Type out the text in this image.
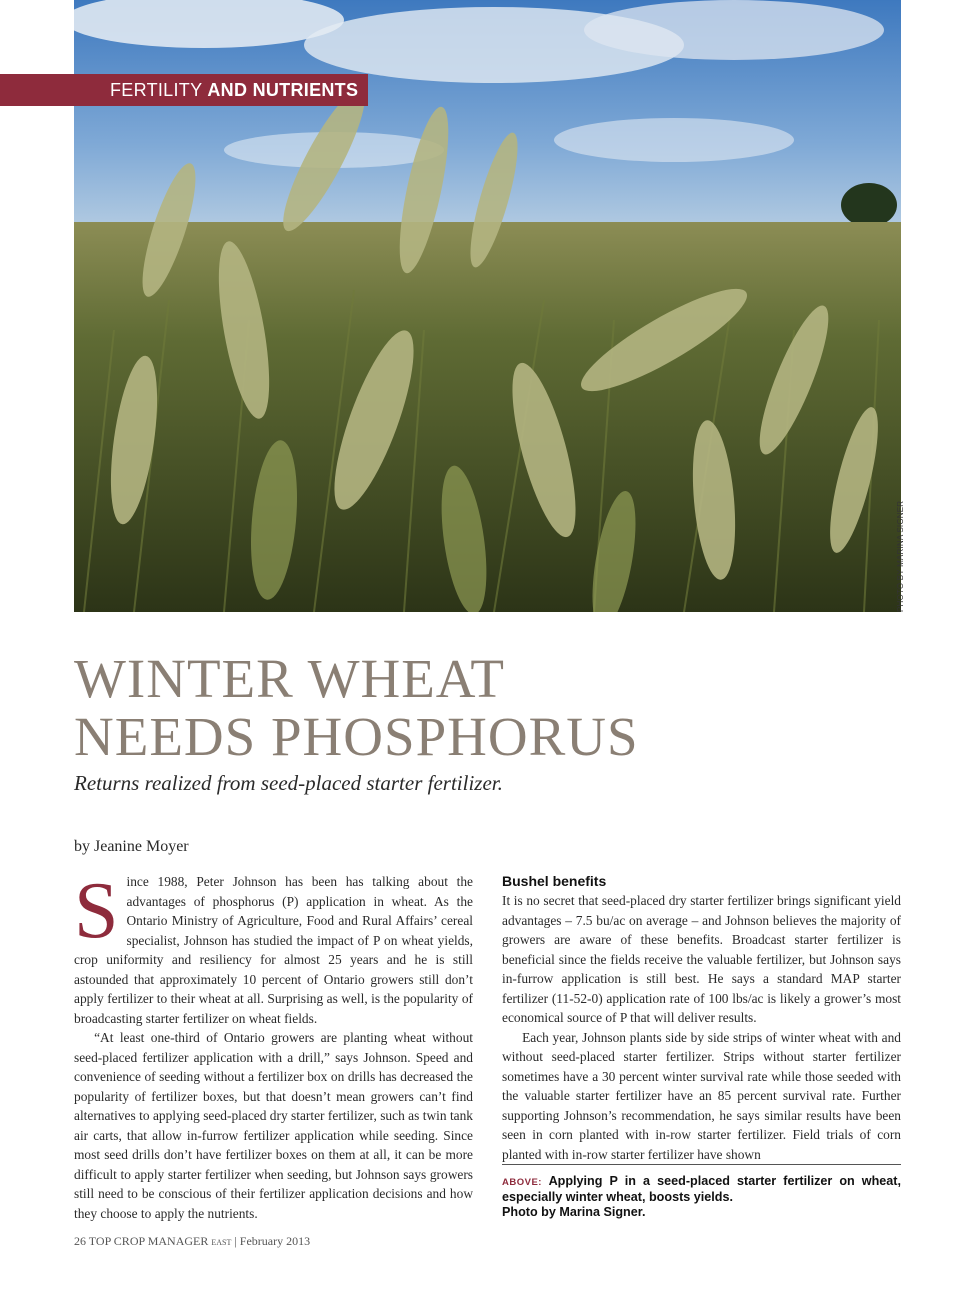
FERTILITY AND NUTRIENTS
PHOTO BY MARINA SIGNER
WINTER WHEAT
NEEDS PHOSPHORUS

Returns realized from seed-placed starter fertilizer.

by Jeanine Moyer

Since 1988, Peter Johnson has been has talking about the advantages of phosphorus (P) application in wheat. As the Ontario Ministry of Agriculture, Food and Rural Affairs’ cereal specialist, Johnson has studied the impact of P on wheat yields, crop uniformity and resiliency for almost 25 years and he is still astounded that approximately 10 percent of Ontario growers still don’t apply fertilizer to their wheat at all. Surprising as well, is the popularity of broadcasting starter fertilizer on wheat fields.

“At least one-third of Ontario growers are planting wheat without seed-placed fertilizer application with a drill,” says Johnson. Speed and convenience of seeding without a fertilizer box on drills has decreased the popularity of fertilizer boxes, but that doesn’t mean growers can’t find alternatives to applying seed-placed dry starter fertilizer, such as twin tank air carts, that allow in-furrow fertilizer application while seeding. Since most seed drills don’t have fertilizer boxes on them at all, it can be more difficult to apply starter fertilizer when seeding, but Johnson says growers still need to be conscious of their fertilizer application decisions and how they choose to apply the nutrients.

Bushel benefits

It is no secret that seed-placed dry starter fertilizer brings significant yield advantages – 7.5 bu/ac on average – and Johnson believes the majority of growers are aware of these benefits. Broadcast starter fertilizer is beneficial since the fields receive the valuable fertilizer, but Johnson says in-furrow application is still best. He says a standard MAP starter fertilizer (11-52-0) application rate of 100 lbs/ac is likely a grower’s most economical source of P that will deliver results.

Each year, Johnson plants side by side strips of winter wheat with and without seed-placed starter fertilizer. Strips without starter fertilizer sometimes have a 30 percent winter survival rate while those seeded with the valuable starter fertilizer have an 85 percent survival rate. Further supporting Johnson’s recommendation, he says similar results have been seen in corn planted with in-row starter fertilizer. Field trials of corn planted with in-row starter fertilizer have shown

ABOVE: Applying P in a seed-placed starter fertilizer on wheat, especially winter wheat, boosts yields.
Photo by Marina Signer.
26 TOP CROP MANAGER EAST | February 2013
